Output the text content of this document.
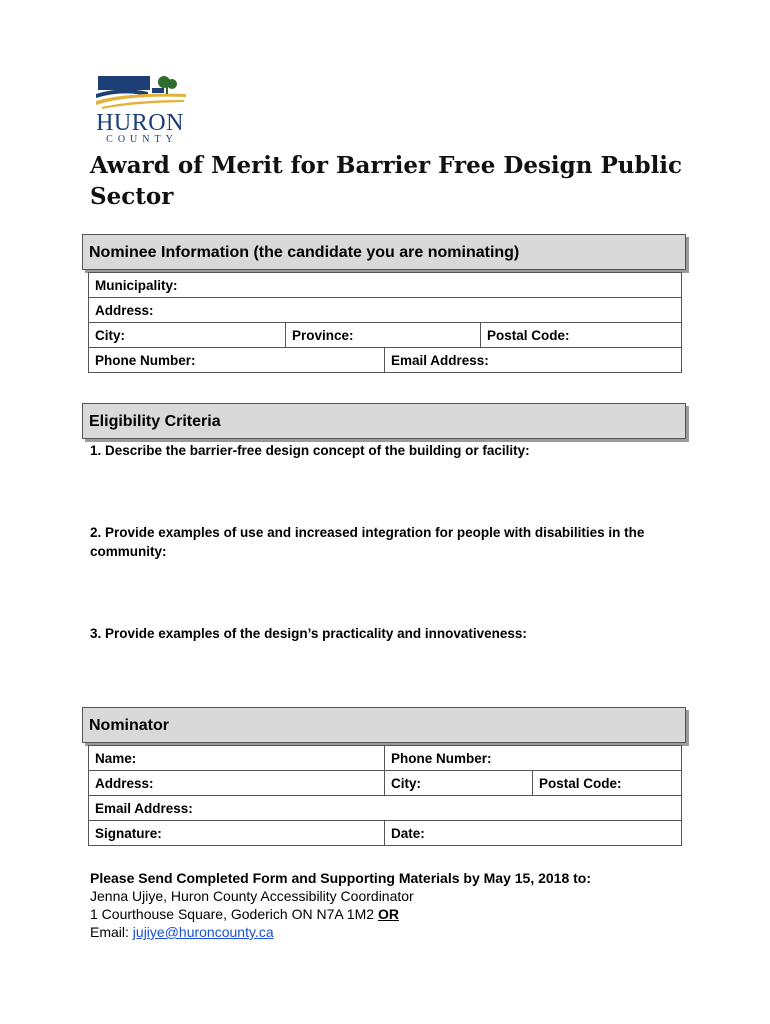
HURON
COUNTY
Award of Merit for Barrier Free Design Public Sector
Nominee Information (the candidate you are nominating)
Municipality:			
Address:			
City:	Province:		Postal Code:
Phone Number:		Email Address:	
Eligibility Criteria
1. Describe the barrier-free design concept of the building or facility:
2. Provide examples of use and increased integration for people with disabilities in the community:
3. Provide examples of the design’s practicality and innovativeness:
Nominator
Name:	Phone Number:	
Address:	City:	Postal Code:
Email Address:		
Signature:	Date:	
Please Send Completed Form and Supporting Materials by May 15, 2018 to:
Jenna Ujiye, Huron County Accessibility Coordinator
1 Courthouse Square, Goderich ON N7A 1M2 OR
Email: jujiye@huroncounty.ca
